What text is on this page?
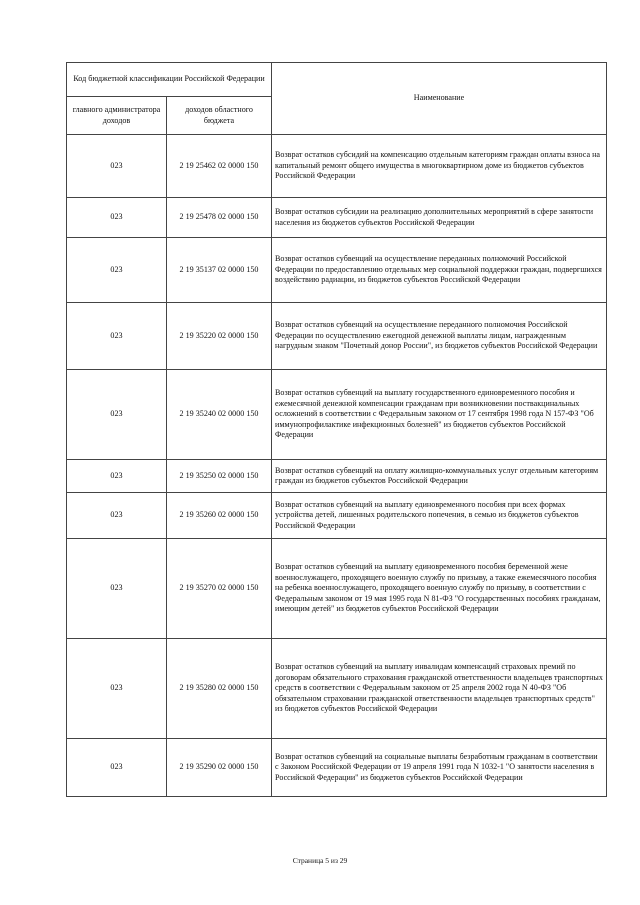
Код бюджетной классификации Российской Федерации		Наименование
главного администратора доходов	доходов областного бюджета	
023	2 19 25462 02 0000 150	Возврат остатков субсидий на компенсацию отдельным категориям граждан оплаты взноса на капитальный ремонт общего имущества в многоквартирном доме из бюджетов субъектов Российской Федерации
023	2 19 25478 02 0000 150	Возврат остатков субсидии на реализацию дополнительных мероприятий в сфере занятости населения из бюджетов субъектов Российской Федерации
023	2 19 35137 02 0000 150	Возврат остатков субвенций на осуществление переданных полномочий Российской Федерации по предоставлению отдельных мер социальной поддержки граждан, подвергшихся воздействию радиации, из бюджетов субъектов Российской Федерации
023	2 19 35220 02 0000 150	Возврат остатков субвенций на осуществление переданного полномочия Российской Федерации по осуществлению ежегодной денежной выплаты лицам, награжденным нагрудным знаком "Почетный донор России", из бюджетов субъектов Российской Федерации
023	2 19 35240 02 0000 150	Возврат остатков субвенций на выплату государственного единовременного пособия и ежемесячной денежной компенсации гражданам при возникновении поствакцинальных осложнений в соответствии с Федеральным законом от 17 сентября 1998 года N 157-ФЗ "Об иммунопрофилактике инфекционных болезней" из бюджетов субъектов Российской Федерации
023	2 19 35250 02 0000 150	Возврат остатков субвенций на оплату жилищно-коммунальных услуг отдельным категориям граждан из бюджетов субъектов Российской Федерации
023	2 19 35260 02 0000 150	Возврат остатков субвенций на выплату единовременного пособия при всех формах устройства детей, лишенных родительского попечения, в семью из бюджетов субъектов Российской Федерации
023	2 19 35270 02 0000 150	Возврат остатков субвенций на выплату единовременного пособия беременной жене военнослужащего, проходящего военную службу по призыву, а также ежемесячного пособия на ребенка военнослужащего, проходящего военную службу по призыву, в соответствии с Федеральным законом от 19 мая 1995 года N 81-ФЗ "О государственных пособиях гражданам, имеющим детей" из бюджетов субъектов Российской Федерации
023	2 19 35280 02 0000 150	Возврат остатков субвенций на выплату инвалидам компенсаций страховых премий по договорам обязательного страхования гражданской ответственности владельцев транспортных средств в соответствии с Федеральным законом от 25 апреля 2002 года N 40-ФЗ "Об обязательном страховании гражданской ответственности владельцев транспортных средств" из бюджетов субъектов Российской Федерации
023	2 19 35290 02 0000 150	Возврат остатков субвенций на социальные выплаты безработным гражданам в соответствии с Законом Российской Федерации от 19 апреля 1991 года N 1032-1 "О занятости населения в Российской Федерации" из бюджетов субъектов Российской Федерации
Страница 5 из 29
